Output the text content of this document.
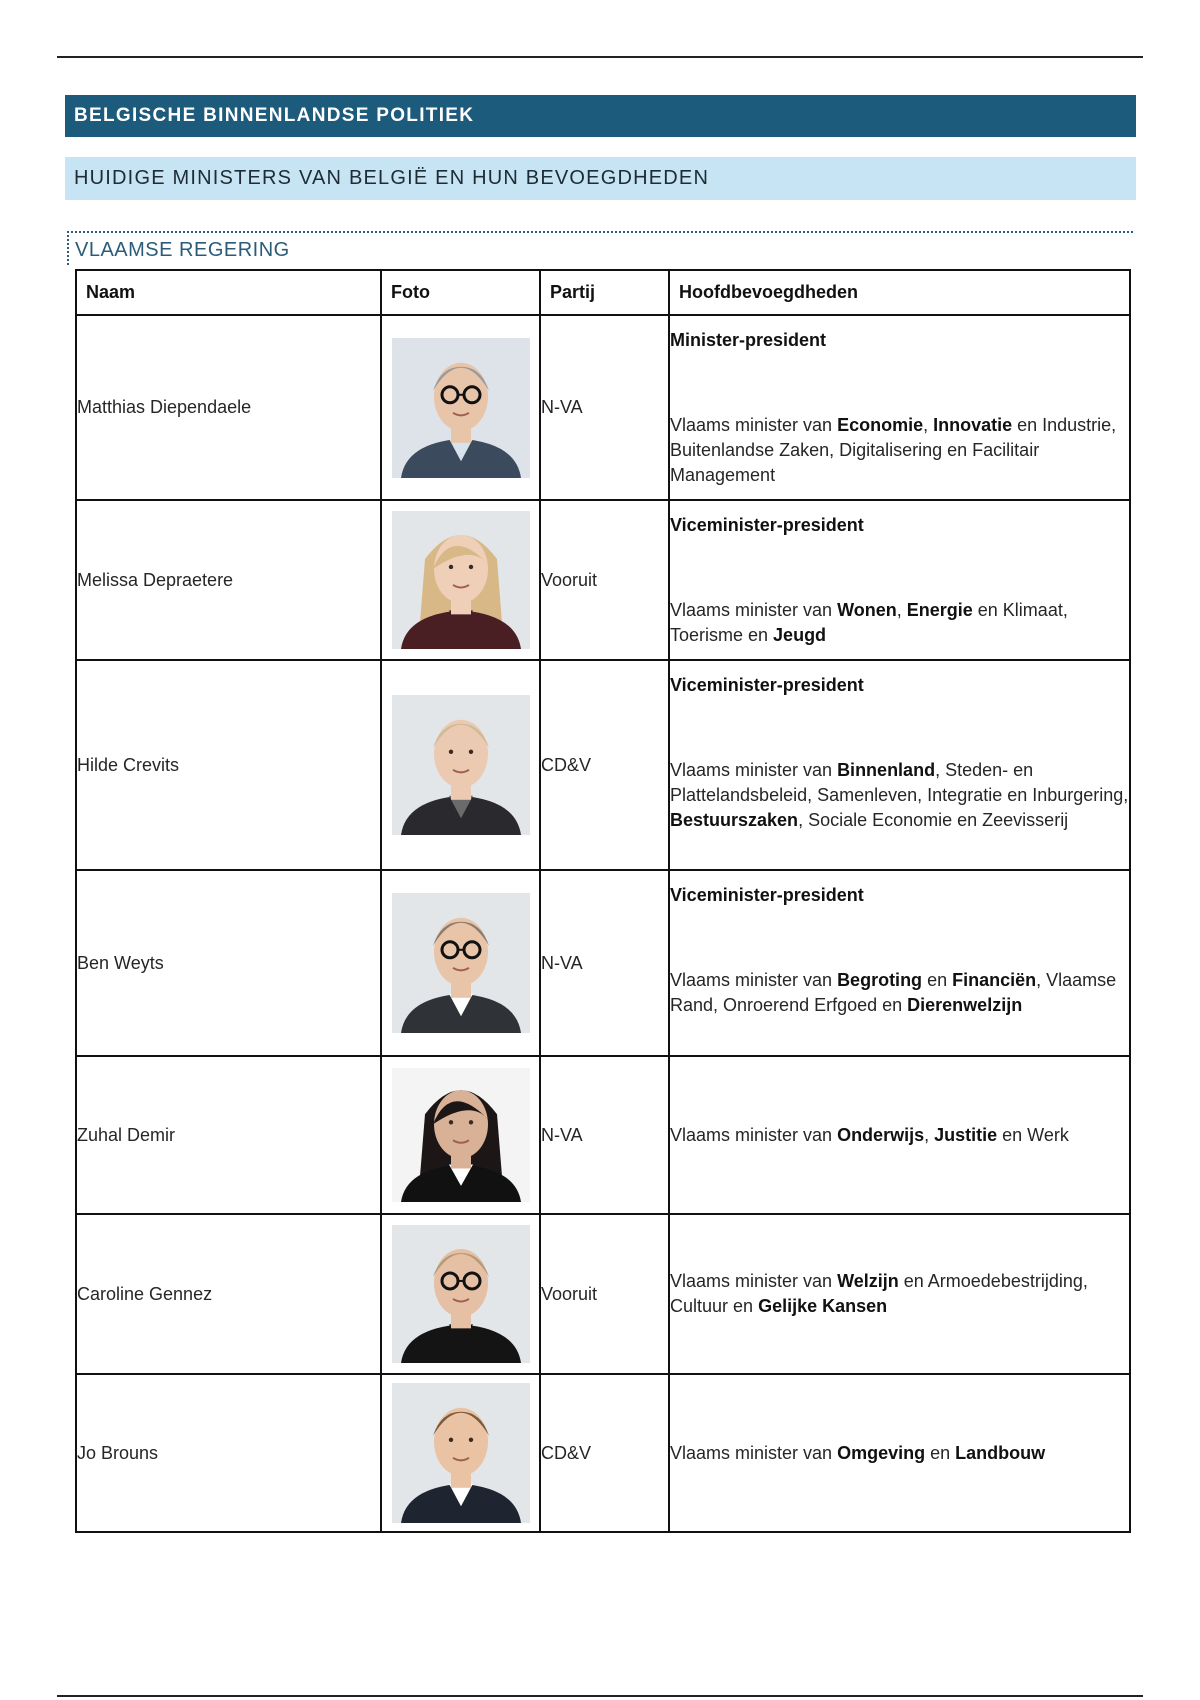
BELGISCHE BINNENLANDSE POLITIEK
HUIDIGE MINISTERS VAN BELGIË EN HUN BEVOEGDHEDEN
VLAAMSE REGERING
Naam	Foto	Partij	Hoofdbevoegdheden
Matthias Diependaele		N-VA	Minister-president
Vlaams minister van Economie, Innovatie en Industrie, Buitenlandse Zaken, Digitalisering en Facilitair Management

Melissa Depraetere		Vooruit	Viceminister-president
Vlaams minister van Wonen, Energie en Klimaat, Toerisme en Jeugd

Hilde Crevits		CD&V	Viceminister-president
Vlaams minister van Binnenland, Steden- en Plattelandsbeleid, Samenleven, Integratie en Inburgering, Bestuurszaken, Sociale Economie en Zeevisserij

Ben Weyts		N-VA	Viceminister-president
Vlaams minister van Begroting en Financiën, Vlaamse Rand, Onroerend Erfgoed en Dierenwelzijn

Zuhal Demir		N-VA	Vlaams minister van Onderwijs, Justitie en Werk

Caroline Gennez		Vooruit	Vlaams minister van Welzijn en Armoedebestrijding, Cultuur en Gelijke Kansen

Jo Brouns		CD&V	Vlaams minister van Omgeving en Landbouw
